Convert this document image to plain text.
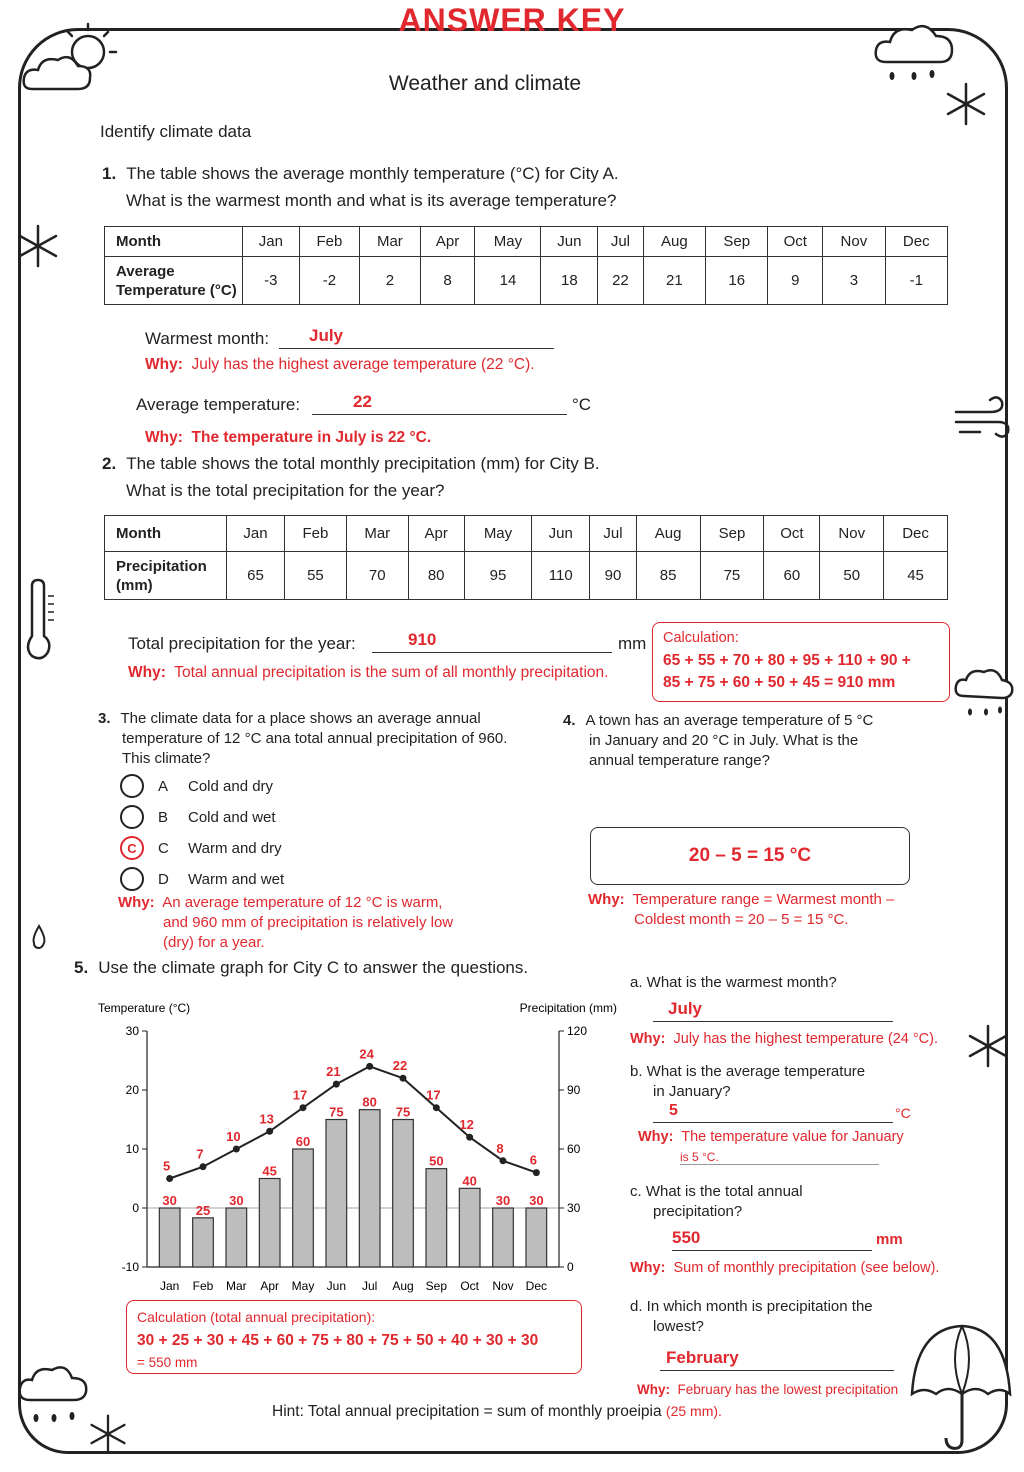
ANSWER KEY
Weather and climate
Identify climate data
1. The table shows the average monthly temperature (°C) for City A.
What is the warmest month and what is its average temperature?
Month	Jan	Feb	Mar	Apr	May	Jun	Jul	Aug	Sep	Oct	Nov	Dec
Average
Temperature (°C)	-3	-2	2	8	14	18	22	21	16	9	3	-1
Warmest month: July
Why: July has the highest average temperature (22 °C).
Average temperature:	22	°C
Why: The temperature in July is 22 °C.
2. The table shows the total monthly precipitation (mm) for City B.
What is the total precipitation for the year?
Month	Jan	Feb	Mar	Apr	May	Jun	Jul	Aug	Sep	Oct	Nov	Dec
Precipitation
(mm)	65	55	70	80	95	110	90	85	75	60	50	45
Total precipitation for the year:	910	mm
Why: Total annual precipitation is the sum of all monthly precipitation.
Calculation:
65 + 55 + 70 + 80 + 95 + 110 + 90 +
85 + 75 + 60 + 50 + 45 = 910 mm
3. The climate data for a place shows an average annual
temperature of 12 °C ana total annual precipitation of 960.
This climate?
A	Cold and dry
B	Cold and wet
C	C	Warm and dry
D	Warm and wet
Why: An average temperature of 12 °C is warm,
and 960 mm of precipitation is relatively low
(dry) for a year.
4. A town has an average temperature of 5 °C
in January and 20 °C in July. What is the
annual temperature range?
20 – 5 = 15 °C
Why: Temperature range = Warmest month –
Coldest month = 20 – 5 = 15 °C.
5. Use the climate graph for City C to answer the questions.
Temperature (°C)	Precipitation (mm)
30
20
10
0
-10
120
90
60
30
0
30
25
30
45
60
75
80
75
50
40
30 30
5
7
10
13
17
21
24
22
17
12
8
6
Jan Feb Mar Apr May Jun Jul Aug Sep Oct Nov Dec
Calculation (total annual precipitation):
30 + 25 + 30 + 45 + 60 + 75 + 80 + 75 + 50 + 40 + 30 + 30
= 550 mm
Hint: Total annual precipitation = sum of monthly proeipia (25 mm).
a. What is the warmest month?
July
Why: July has the highest temperature (24 °C).
b. What is the average temperature
in January?
5	°C
Why: The temperature value for January
is 5 °C.
c. What is the total annual
precipitation?
550	mm
Why: Sum of monthly precipitation (see below).
d. In which month is precipitation the
lowest?
February
Why: February has the lowest precipitation
